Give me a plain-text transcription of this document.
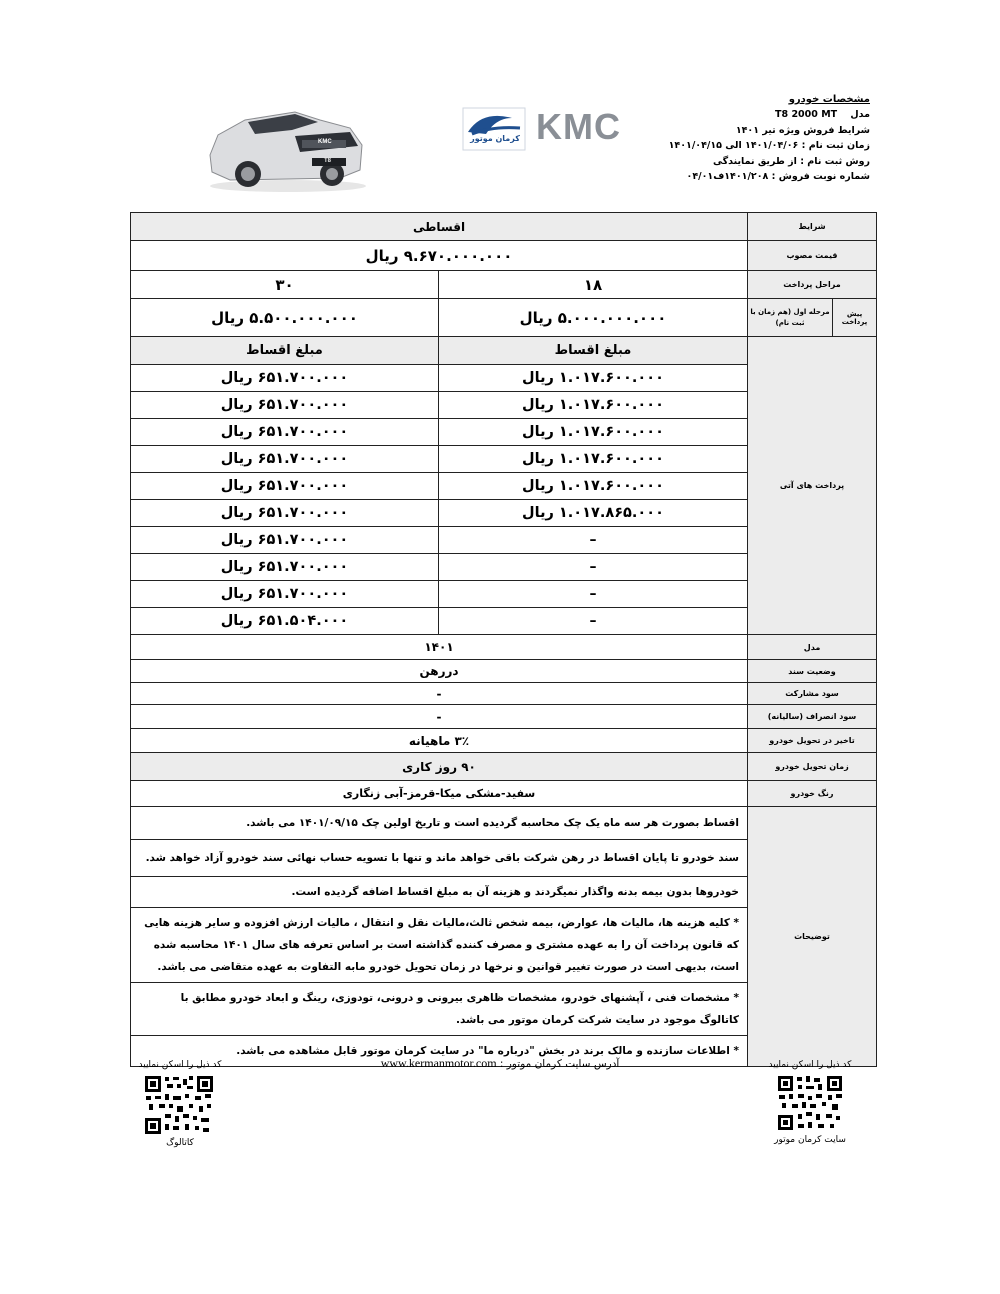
مشخصات خودرو
مدل    T8 2000 MT
شرایط فروش ویژه تیر ۱۴۰۱
زمان ثبت نام : ۱۴۰۱/۰۴/۰۶ الی ۱۴۰۱/۰۴/۱۵
روش ثبت نام : از طریق نمایندگی
شماره نوبت فروش : ۱۴۰۱/۲۰۸ف۰۴/۰۱
کرمان موتور KMC
KMC
T8
اقساطی		شرایط	
۹.۶۷۰.۰۰۰.۰۰۰ ریال		قیمت مصوب	
۳۰	۱۸	مراحل پرداخت	
۵.۵۰۰.۰۰۰.۰۰۰ ریال	۵.۰۰۰.۰۰۰.۰۰۰ ریال	مرحله اول (هم زمان با ثبت نام)	پیش پرداخت
مبلغ اقساط	مبلغ اقساط	پرداخت های آتی	
۶۵۱.۷۰۰.۰۰۰ ریال	۱.۰۱۷.۶۰۰.۰۰۰ ریال		
۶۵۱.۷۰۰.۰۰۰ ریال	۱.۰۱۷.۶۰۰.۰۰۰ ریال		
۶۵۱.۷۰۰.۰۰۰ ریال	۱.۰۱۷.۶۰۰.۰۰۰ ریال		
۶۵۱.۷۰۰.۰۰۰ ریال	۱.۰۱۷.۶۰۰.۰۰۰ ریال		
۶۵۱.۷۰۰.۰۰۰ ریال	۱.۰۱۷.۶۰۰.۰۰۰ ریال		
۶۵۱.۷۰۰.۰۰۰ ریال	۱.۰۱۷.۸۶۵.۰۰۰ ریال		
۶۵۱.۷۰۰.۰۰۰ ریال	–		
۶۵۱.۷۰۰.۰۰۰ ریال	–		
۶۵۱.۷۰۰.۰۰۰ ریال	–		
۶۵۱.۵۰۴.۰۰۰ ریال	–		
۱۴۰۱		مدل	
دررهن		وضعیت سند	
-		سود مشارکت	
-		سود انصراف (سالیانه)	
۳٪ ماهیانه		تاخیر در تحویل خودرو	
۹۰ روز کاری		زمان تحویل خودرو	
سفید-مشکی میکا-قرمز-آبی زنگاری		رنگ خودرو	
اقساط بصورت هر سه ماه یک چک محاسبه گردیده است و تاریخ اولین چک ۱۴۰۱/۰۹/۱۵ می باشد.		توضیحات	
سند خودرو تا پایان اقساط در رهن شرکت باقی خواهد ماند و تنها با تسویه حساب نهائی سند خودرو آزاد خواهد شد.			
خودروها بدون بیمه بدنه واگذار نمیگردند و هزینه آن به مبلغ اقساط اضافه گردیده است.			
* کلیه هزینه ها، مالیات ها، عوارض، بیمه شخص ثالث،مالیات نقل و انتقال ، مالیات ارزش افزوده و سایر هزینه هایی که قانون پرداخت آن را به عهده مشتری و مصرف کننده گذاشته است بر اساس تعرفه های سال ۱۴۰۱ محاسبه شده است، بدیهی است در صورت تغییر قوانین و نرخها در زمان تحویل خودرو مابه التفاوت به عهده متقاضی می باشد.			
* مشخصات فنی ، آپشنهای خودرو، مشخصات ظاهری بیرونی و درونی، تودوزی، رینگ و ابعاد خودرو مطابق با کاتالوگ موجود در سایت شرکت کرمان موتور می باشد.			
* اطلاعات سازنده و مالک برند در بخش "درباره ما" در سایت کرمان موتور قابل مشاهده می باشد.			
آدرس سایت کرمان موتور : www.kermanmotor.com
کد ذیل را اسکن نمایید
کاتالوگ
کد ذیل را اسکن نمایید
سایت کرمان موتور
